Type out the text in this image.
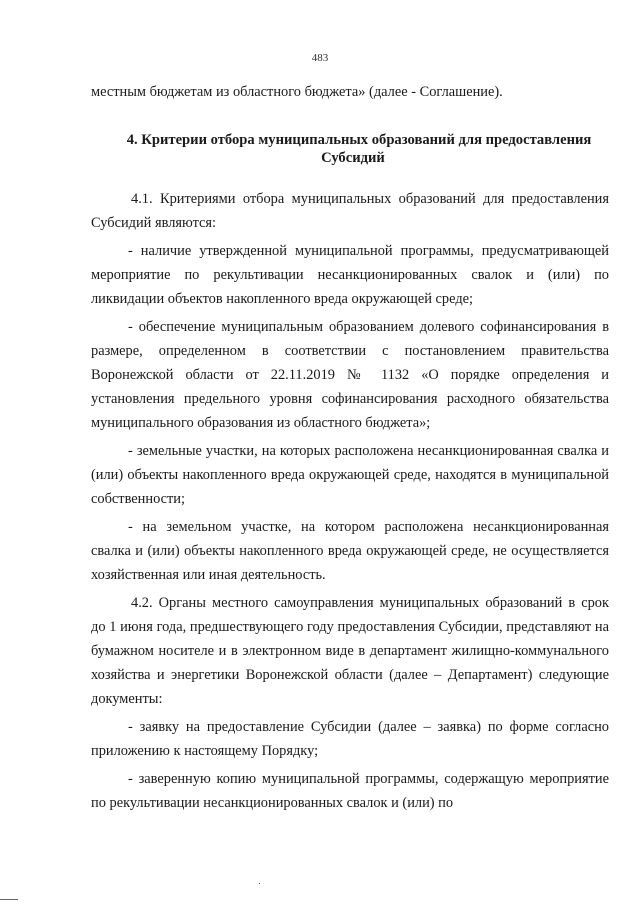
483

местным бюджетам из областного бюджета» (далее - Соглашение).

4. Критерии отбора муниципальных образований для предоставления
Субсидий

4.1. Критериями отбора муниципальных образований для предоставления Субсидий являются:

- наличие утвержденной муниципальной программы, предусматривающей мероприятие по рекультивации несанкционированных свалок и (или) по ликвидации объектов накопленного вреда окружающей среде;

- обеспечение муниципальным образованием долевого софинансирования в размере, определенном в соответствии с постановлением правительства Воронежской области от 22.11.2019 № 1132 «О порядке определения и установления предельного уровня софинансирования расходного обязательства муниципального образования из областного бюджета»;

- земельные участки, на которых расположена несанкционированная свалка и (или) объекты накопленного вреда окружающей среде, находятся в муниципальной собственности;

- на земельном участке, на котором расположена несанкционированная свалка и (или) объекты накопленного вреда окружающей среде, не осуществляется хозяйственная или иная деятельность.

4.2. Органы местного самоуправления муниципальных образований в срок до 1 июня года, предшествующего году предоставления Субсидии, представляют на бумажном носителе и в электронном виде в департамент жилищно-коммунального хозяйства и энергетики Воронежской области (далее – Департамент) следующие документы:

- заявку на предоставление Субсидии (далее – заявка) по форме согласно приложению к настоящему Порядку;

- заверенную копию муниципальной программы, содержащую мероприятие по рекультивации несанкционированных свалок и (или) по
